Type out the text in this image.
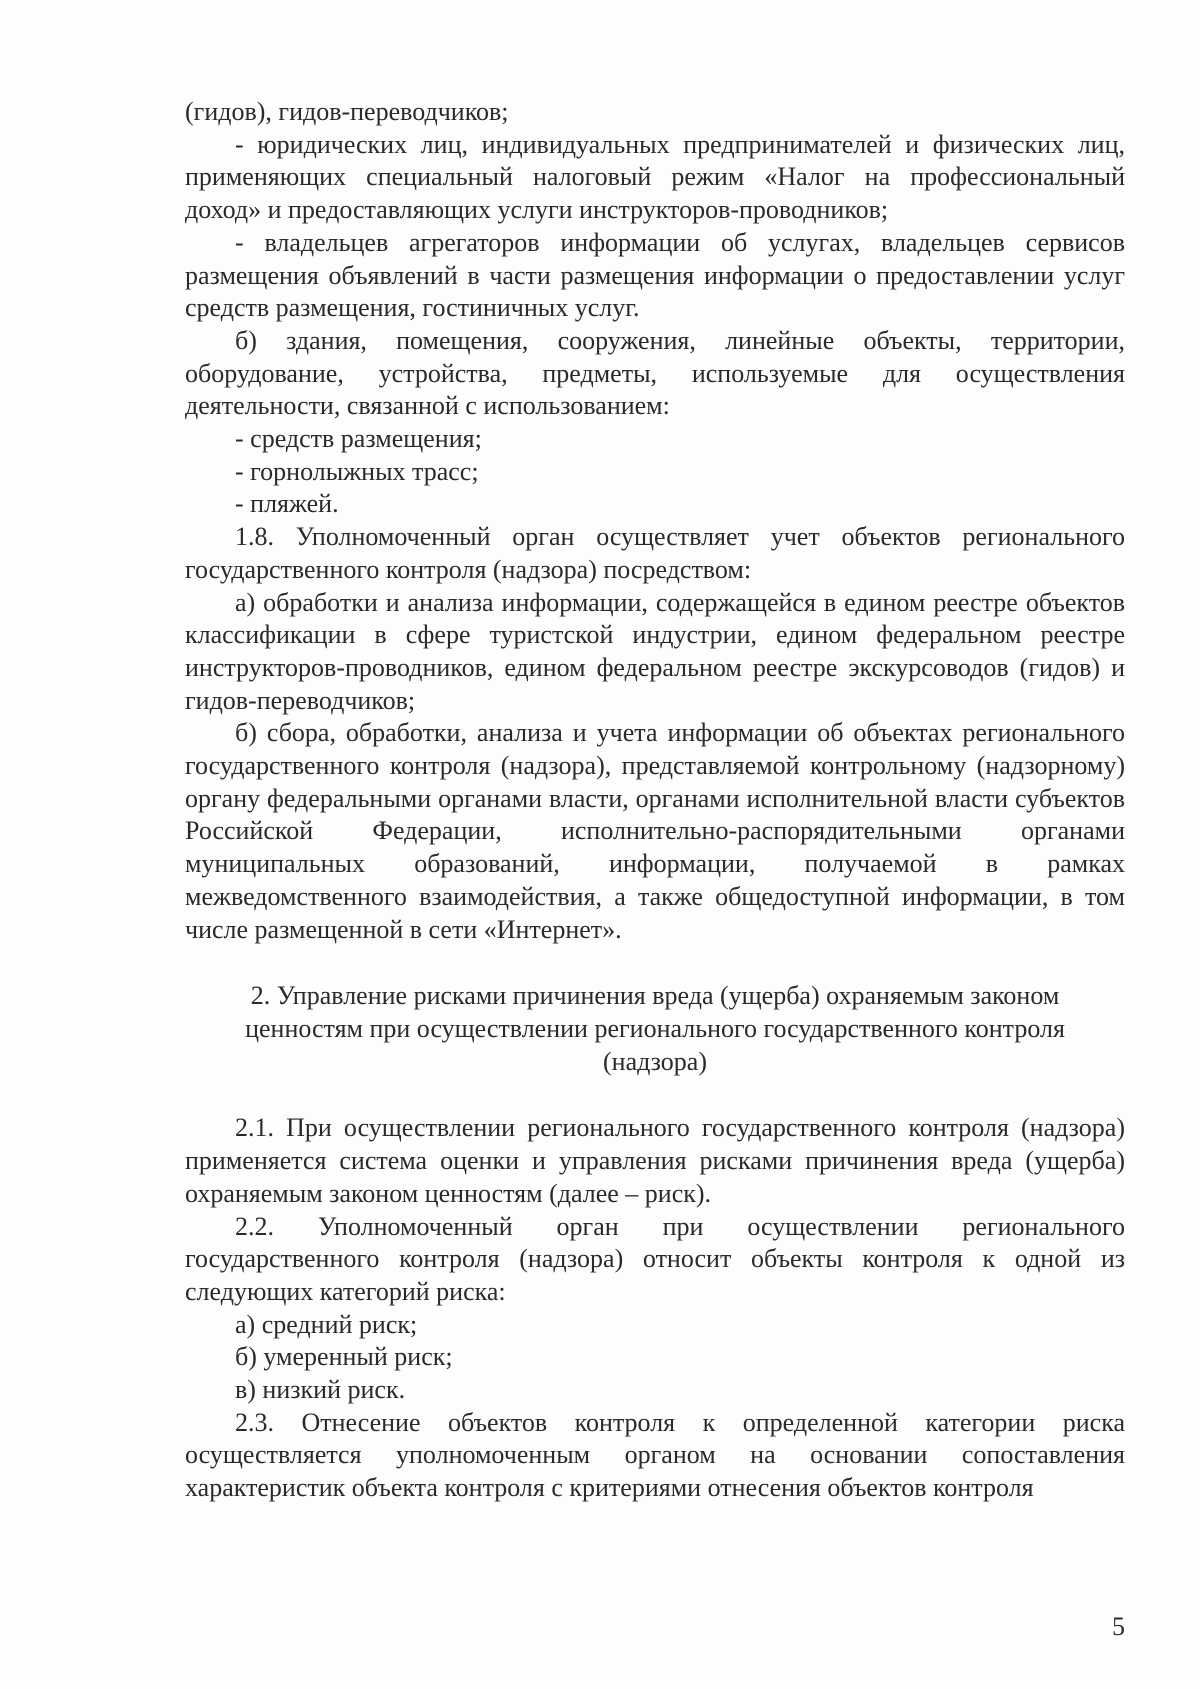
(гидов), гидов-переводчиков;

- юридических лиц, индивидуальных предпринимателей и физических лиц, применяющих специальный налоговый режим «Налог на профессиональный доход» и предоставляющих услуги инструкторов-проводников;

- владельцев агрегаторов информации об услугах, владельцев сервисов размещения объявлений в части размещения информации о предоставлении услуг средств размещения, гостиничных услуг.

б) здания, помещения, сооружения, линейные объекты, территории, оборудование, устройства, предметы, используемые для осуществления деятельности, связанной с использованием:

- средств размещения;

- горнолыжных трасс;

- пляжей.

1.8. Уполномоченный орган осуществляет учет объектов регионального государственного контроля (надзора) посредством:

а) обработки и анализа информации, содержащейся в едином реестре объектов классификации в сфере туристской индустрии, едином федеральном реестре инструкторов-проводников, едином федеральном реестре экскурсоводов (гидов) и гидов-переводчиков;

б) сбора, обработки, анализа и учета информации об объектах регионального государственного контроля (надзора), представляемой контрольному (надзорному) органу федеральными органами власти, органами исполнительной власти субъектов Российской Федерации, исполнительно-распорядительными органами муниципальных образований, информации, получаемой в рамках межведомственного взаимодействия, а также общедоступной информации, в том числе размещенной в сети «Интернет».

2. Управление рисками причинения вреда (ущерба) охраняемым законом ценностям при осуществлении регионального государственного контроля (надзора)

2.1. При осуществлении регионального государственного контроля (надзора) применяется система оценки и управления рисками причинения вреда (ущерба) охраняемым законом ценностям (далее – риск).

2.2. Уполномоченный орган при осуществлении регионального государственного контроля (надзора) относит объекты контроля к одной из следующих категорий риска:

а) средний риск;

б) умеренный риск;

в) низкий риск.

2.3. Отнесение объектов контроля к определенной категории риска осуществляется уполномоченным органом на основании сопоставления характеристик объекта контроля с критериями отнесения объектов контроля

5
